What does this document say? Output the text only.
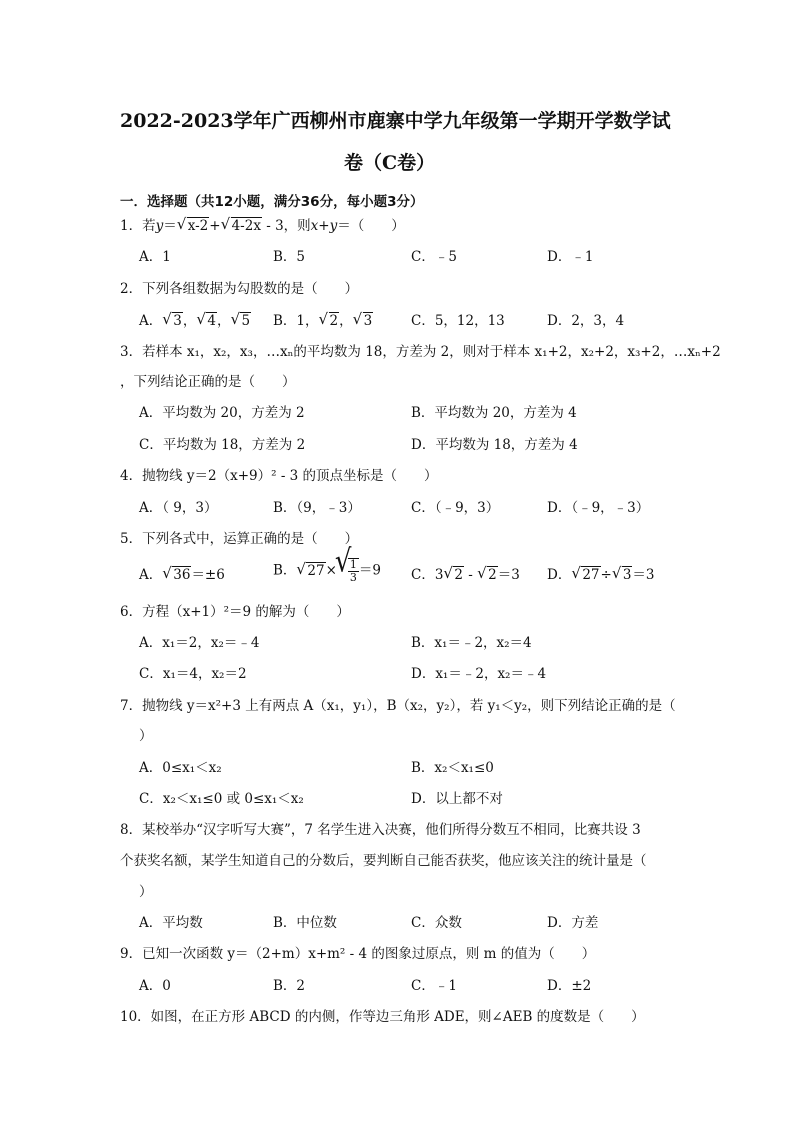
2022-2023学年广西柳州市鹿寨中学九年级第一学期开学数学试
卷（C卷）
一．选择题（共12小题，满分36分，每小题3分）
1．若y＝ √ x-2+ √ 4-2x - 3，则x+y＝（　　）
A．1	B．5	C．﹣5	D．﹣1
2．下列各组数据为勾股数的是（　　）
A． √ 3， √ 4， √ 5 B．1， √ 2， √ 3	C．5，12，13	D．2，3，4
3．若样本 x₁，x₂，x₃，…xₙ的平均数为 18，方差为 2，则对于样本 x₁+2，x₂+2，x₃+2，…xₙ+2
，下列结论正确的是（　　）
A．平均数为 20，方差为 2	B．平均数为 20，方差为 4
C．平均数为 18，方差为 2	D．平均数为 18，方差为 4
4．抛物线 y＝2（x+9）² - 3 的顶点坐标是（　　）
A．（ 9，3）	B．（9，﹣3）	C．（﹣9，3）	D．（﹣9，﹣3）
5．下列各式中，运算正确的是（　　）
A． √ 36＝±6	B． √ 27× √ $\frac{1}{3} =9$ C．3 √ 2 - √ 2＝3 D． √ 27÷ √ 3＝3
6．方程（x+1）²＝9 的解为（　　）
A．x₁＝2，x₂＝﹣4	B．x₁＝﹣2，x₂＝4
C．x₁＝4，x₂＝2	D．x₁＝﹣2，x₂＝﹣4
7．抛物线 y＝x²+3 上有两点 A（x₁，y₁），B（x₂，y₂），若 y₁＜y₂，则下列结论正确的是（
）
A．0≤x₁＜x₂	B．x₂＜x₁≤0
C．x₂＜x₁≤0 或 0≤x₁＜x₂	D．以上都不对
8．某校举办“汉字听写大赛”，7 名学生进入决赛，他们所得分数互不相同，比赛共设 3
个获奖名额，某学生知道自己的分数后，要判断自己能否获奖，他应该关注的统计量是（
）
A．平均数	B．中位数	C．众数	D．方差
9．已知一次函数 y＝（2+m）x+m² - 4 的图象过原点，则 m 的值为（　　）
A．0	B．2	C．﹣1	D．±2
10．如图，在正方形 ABCD 的内侧，作等边三角形 ADE，则∠AEB 的度数是（　　）
